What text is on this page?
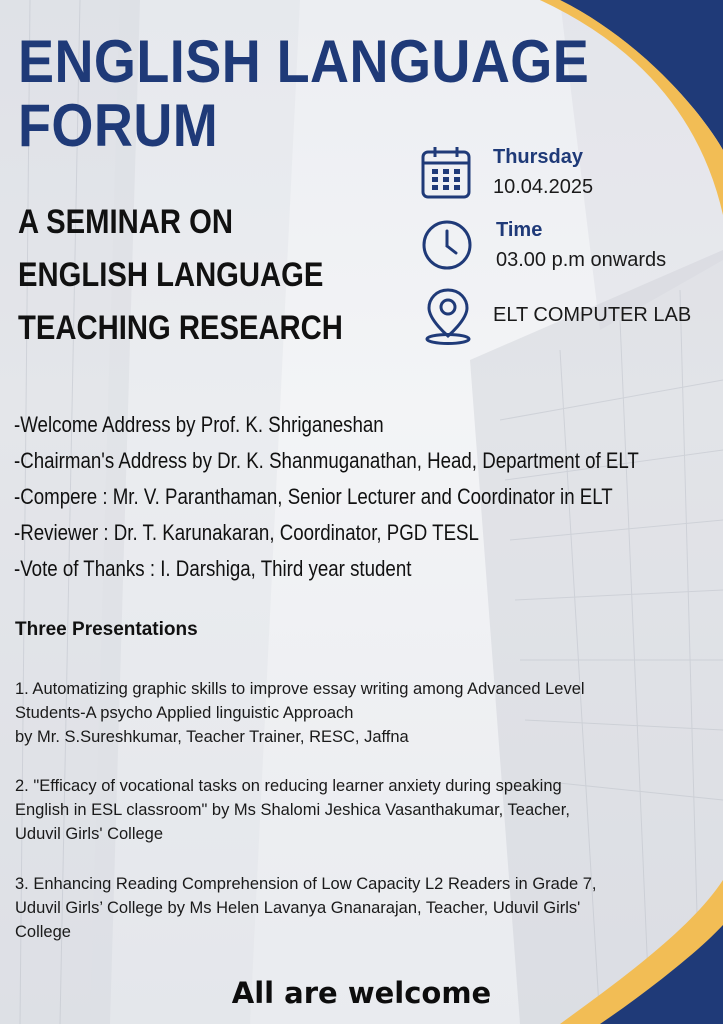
ENGLISH LANGUAGE
FORUM
A SEMINAR ON
ENGLISH LANGUAGE
TEACHING RESEARCH
Thursday
10.04.2025
Time
03.00 p.m onwards
ELT COMPUTER LAB
-Welcome Address by Prof. K. Shriganeshan
-Chairman's Address by Dr. K. Shanmuganathan, Head, Department of ELT
-Compere : Mr. V. Paranthaman, Senior Lecturer and Coordinator in ELT
-Reviewer : Dr. T. Karunakaran, Coordinator, PGD TESL
-Vote of Thanks : I. Darshiga, Third year student
Three Presentations
1. Automatizing graphic skills to improve essay writing among Advanced Level
Students-A psycho Applied linguistic Approach
by Mr. S.Sureshkumar, Teacher Trainer, RESC, Jaffna
2. "Efficacy of vocational tasks on reducing learner anxiety during speaking
English in ESL classroom" by Ms Shalomi Jeshica Vasanthakumar, Teacher,
Uduvil Girls' College
3. Enhancing Reading Comprehension of Low Capacity L2 Readers in Grade 7,
Uduvil Girls’ College by Ms Helen Lavanya Gnanarajan, Teacher, Uduvil Girls'
College
All are welcome
